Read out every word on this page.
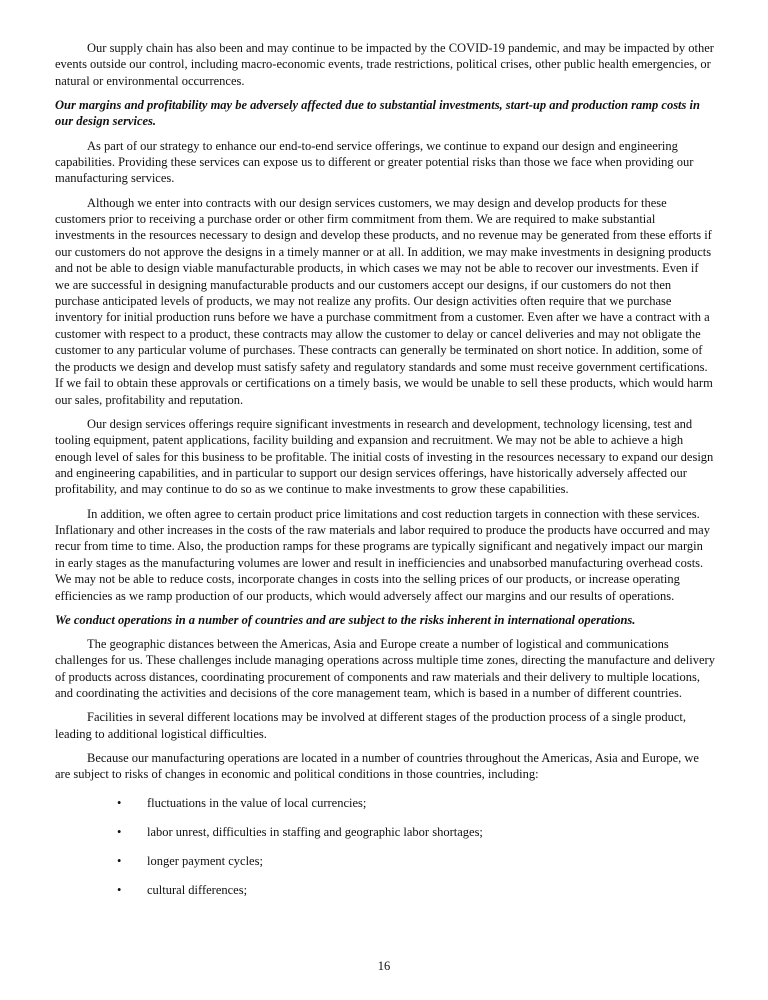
Our supply chain has also been and may continue to be impacted by the COVID-19 pandemic, and may be impacted by other events outside our control, including macro-economic events, trade restrictions, political crises, other public health emergencies, or natural or environmental occurrences.

Our margins and profitability may be adversely affected due to substantial investments, start-up and production ramp costs in our design services.

As part of our strategy to enhance our end-to-end service offerings, we continue to expand our design and engineering capabilities. Providing these services can expose us to different or greater potential risks than those we face when providing our manufacturing services.

Although we enter into contracts with our design services customers, we may design and develop products for these customers prior to receiving a purchase order or other firm commitment from them. We are required to make substantial investments in the resources necessary to design and develop these products, and no revenue may be generated from these efforts if our customers do not approve the designs in a timely manner or at all. In addition, we may make investments in designing products and not be able to design viable manufacturable products, in which cases we may not be able to recover our investments. Even if we are successful in designing manufacturable products and our customers accept our designs, if our customers do not then purchase anticipated levels of products, we may not realize any profits. Our design activities often require that we purchase inventory for initial production runs before we have a purchase commitment from a customer. Even after we have a contract with a customer with respect to a product, these contracts may allow the customer to delay or cancel deliveries and may not obligate the customer to any particular volume of purchases. These contracts can generally be terminated on short notice. In addition, some of the products we design and develop must satisfy safety and regulatory standards and some must receive government certifications. If we fail to obtain these approvals or certifications on a timely basis, we would be unable to sell these products, which would harm our sales, profitability and reputation.

Our design services offerings require significant investments in research and development, technology licensing, test and tooling equipment, patent applications, facility building and expansion and recruitment. We may not be able to achieve a high enough level of sales for this business to be profitable. The initial costs of investing in the resources necessary to expand our design and engineering capabilities, and in particular to support our design services offerings, have historically adversely affected our profitability, and may continue to do so as we continue to make investments to grow these capabilities.

In addition, we often agree to certain product price limitations and cost reduction targets in connection with these services. Inflationary and other increases in the costs of the raw materials and labor required to produce the products have occurred and may recur from time to time. Also, the production ramps for these programs are typically significant and negatively impact our margin in early stages as the manufacturing volumes are lower and result in inefficiencies and unabsorbed manufacturing overhead costs. We may not be able to reduce costs, incorporate changes in costs into the selling prices of our products, or increase operating efficiencies as we ramp production of our products, which would adversely affect our margins and our results of operations.

We conduct operations in a number of countries and are subject to the risks inherent in international operations.

The geographic distances between the Americas, Asia and Europe create a number of logistical and communications challenges for us. These challenges include managing operations across multiple time zones, directing the manufacture and delivery of products across distances, coordinating procurement of components and raw materials and their delivery to multiple locations, and coordinating the activities and decisions of the core management team, which is based in a number of different countries.

Facilities in several different locations may be involved at different stages of the production process of a single product, leading to additional logistical difficulties.

Because our manufacturing operations are located in a number of countries throughout the Americas, Asia and Europe, we are subject to risks of changes in economic and political conditions in those countries, including:

• fluctuations in the value of local currencies;
• labor unrest, difficulties in staffing and geographic labor shortages;
• longer payment cycles;
• cultural differences;
16
